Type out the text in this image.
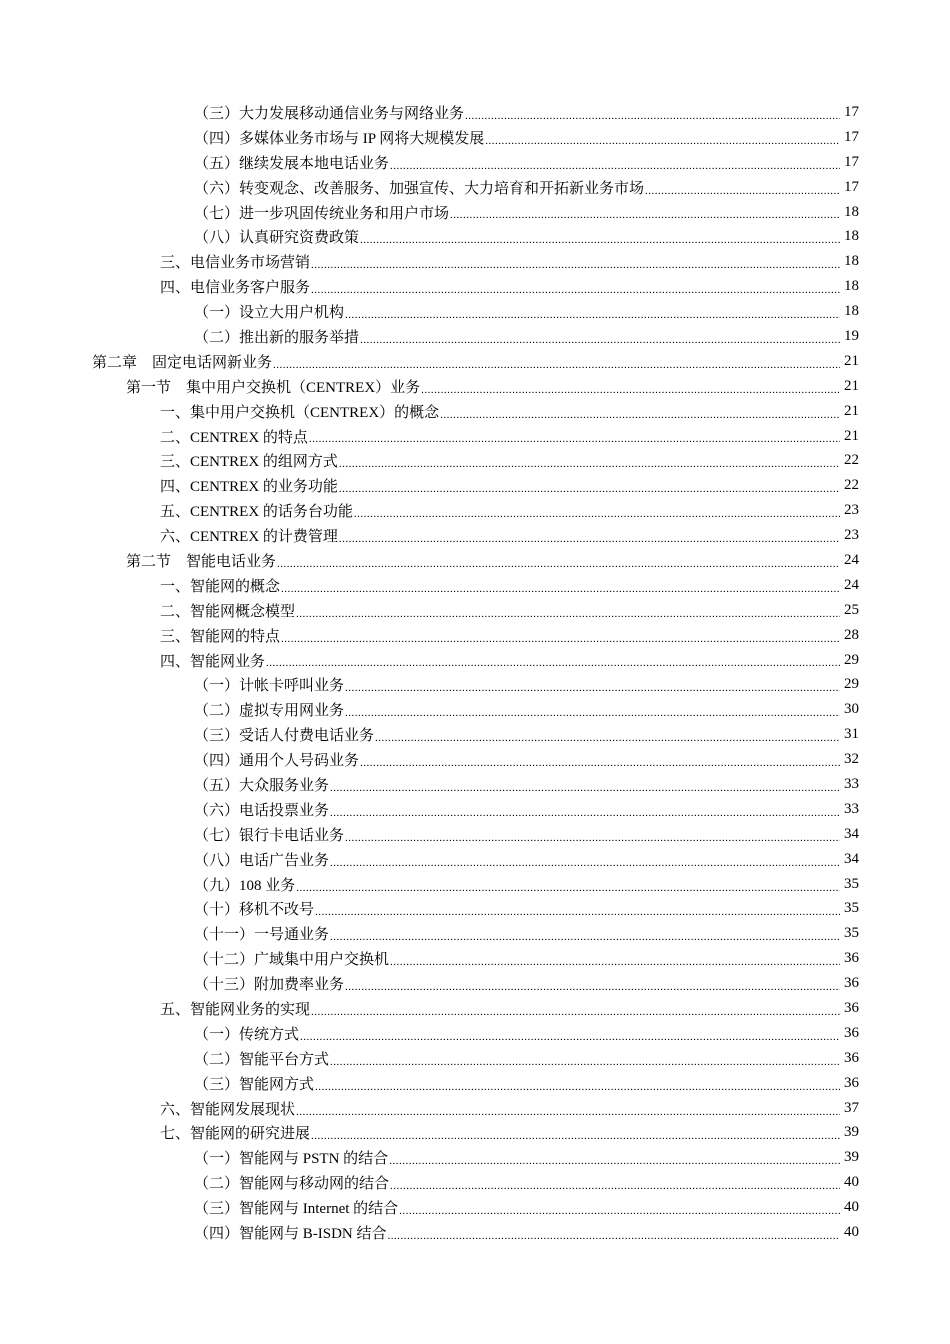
（三）大力发展移动通信业务与网络业务 .....	17
（四）多媒体业务市场与 IP 网将大规模发展 .....	17
（五）继续发展本地电话业务 .....	17
（六）转变观念、改善服务、加强宣传、大力培育和开拓新业务市场 .....	17
（七）进一步巩固传统业务和用户市场 .....	18
（八）认真研究资费政策 .....	18
三、电信业务市场营销 .....	18
四、电信业务客户服务 .....	18
（一）设立大用户机构 .....	18
（二）推出新的服务举措 .....	19
第二章　固定电话网新业务 .....	21
第一节　集中用户交换机（CENTREX）业务 .....	21
一、集中用户交换机（CENTREX）的概念 .....	21
二、CENTREX 的特点 .....	21
三、CENTREX 的组网方式 .....	22
四、CENTREX 的业务功能 .....	22
五、CENTREX 的话务台功能 .....	23
六、CENTREX 的计费管理 .....	23
第二节　智能电话业务 .....	24
一、智能网的概念 .....	24
二、智能网概念模型 .....	25
三、智能网的特点 .....	28
四、智能网业务 .....	29
（一）计帐卡呼叫业务 .....	29
（二）虚拟专用网业务 .....	30
（三）受话人付费电话业务 .....	31
（四）通用个人号码业务 .....	32
（五）大众服务业务 .....	33
（六）电话投票业务 .....	33
（七）银行卡电话业务 .....	34
（八）电话广告业务 .....	34
（九）108 业务 .....	35
（十）移机不改号 .....	35
（十一）一号通业务 .....	35
（十二）广域集中用户交换机 .....	36
（十三）附加费率业务 .....	36
五、智能网业务的实现 .....	36
（一）传统方式 .....	36
（二）智能平台方式 .....	36
（三）智能网方式 .....	36
六、智能网发展现状 .....	37
七、智能网的研究进展 .....	39
（一）智能网与 PSTN 的结合 .....	39
（二）智能网与移动网的结合 .....	40
（三）智能网与 Internet 的结合 .....	40
（四）智能网与 B-ISDN 结合 .....	40
